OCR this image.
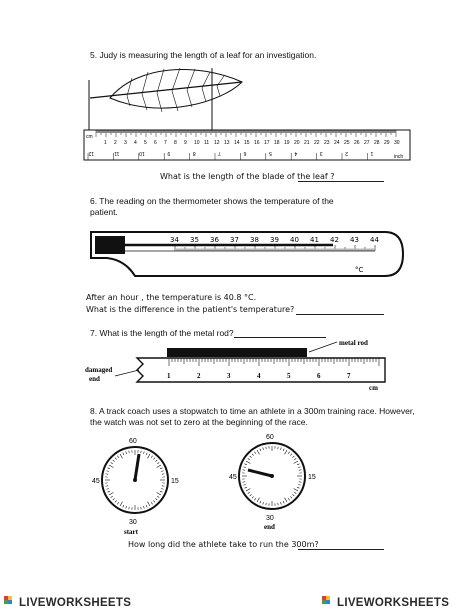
5. Judy is measuring the length of a leaf for an investigation.
1 2 3 4 5 6 7 8 9 10 11 12 13 14 15 16 17 18 19 20 21 22 23 24 25 26 27 28 29 30
12	11	10	9	8	7	6	5	4	3	2	1
cm
inch
What is the length of the blade of the leaf ?
6. The reading on the thermometer shows the temperature of the
patient.
34 35 36 37 38 39 40 41 42 43 44
°C
After an hour , the temperature is 40.8 °C.
What is the difference in the patient's temperature?
7. What is the length of the metal rod?
metal rod
1	2	3	4	5	6	7
damaged
end
cm
8. A track coach uses a stopwatch to time an athlete in a 300m training race. However,
the watch was not set to zero at the beginning of the race.
60
15
30
45
start
60
15
30
45
end
How long did the athlete take to run the 300m?
LIVEWORKSHEETS	LIVEWORKSHEETS
